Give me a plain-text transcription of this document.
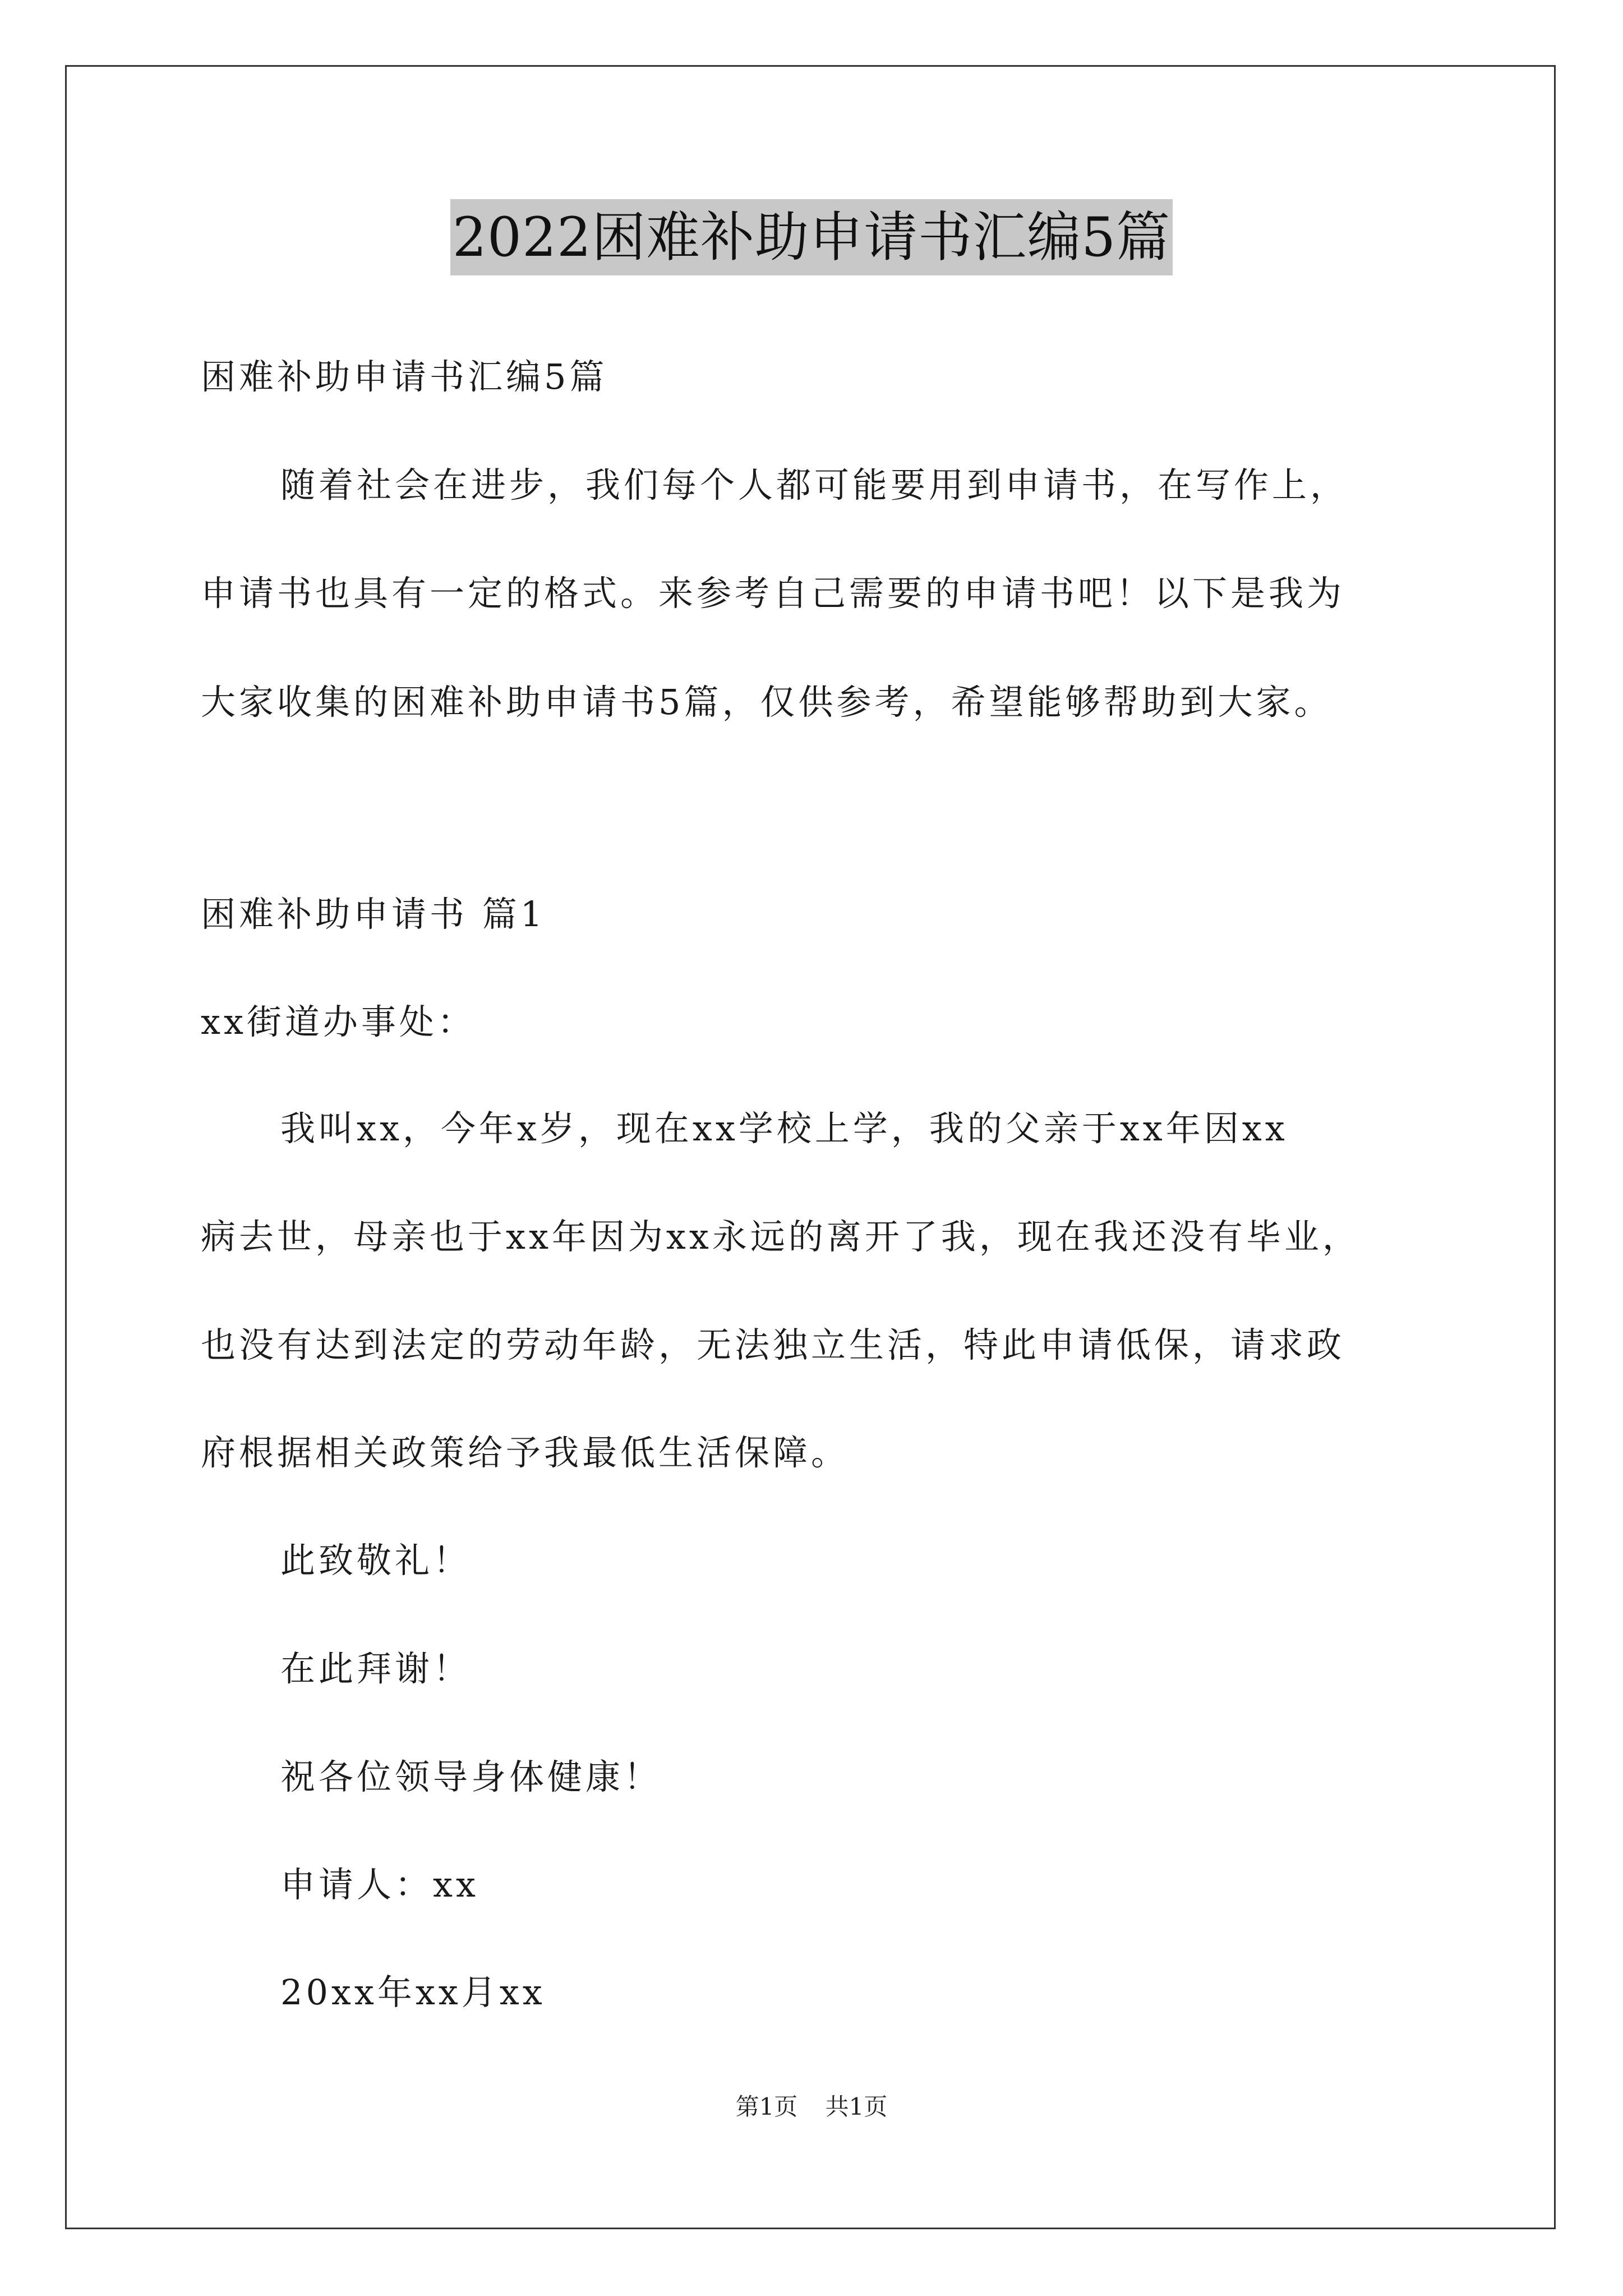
2022困难补助申请书汇编5篇
困难补助申请书汇编5篇
随着社会在进步，我们每个人都可能要用到申请书，在写作上，
申请书也具有一定的格式。来参考自己需要的申请书吧！以下是我为
大家收集的困难补助申请书5篇，仅供参考，希望能够帮助到大家。
困难补助申请书 篇1
xx街道办事处：
我叫xx，今年x岁，现在xx学校上学，我的父亲于xx年因xx
病去世，母亲也于xx年因为xx永远的离开了我，现在我还没有毕业，
也没有达到法定的劳动年龄，无法独立生活，特此申请低保，请求政
府根据相关政策给予我最低生活保障。
此致敬礼！
在此拜谢！
祝各位领导身体健康！
申请人：xx
20xx年xx月xx
第1页 共1页
